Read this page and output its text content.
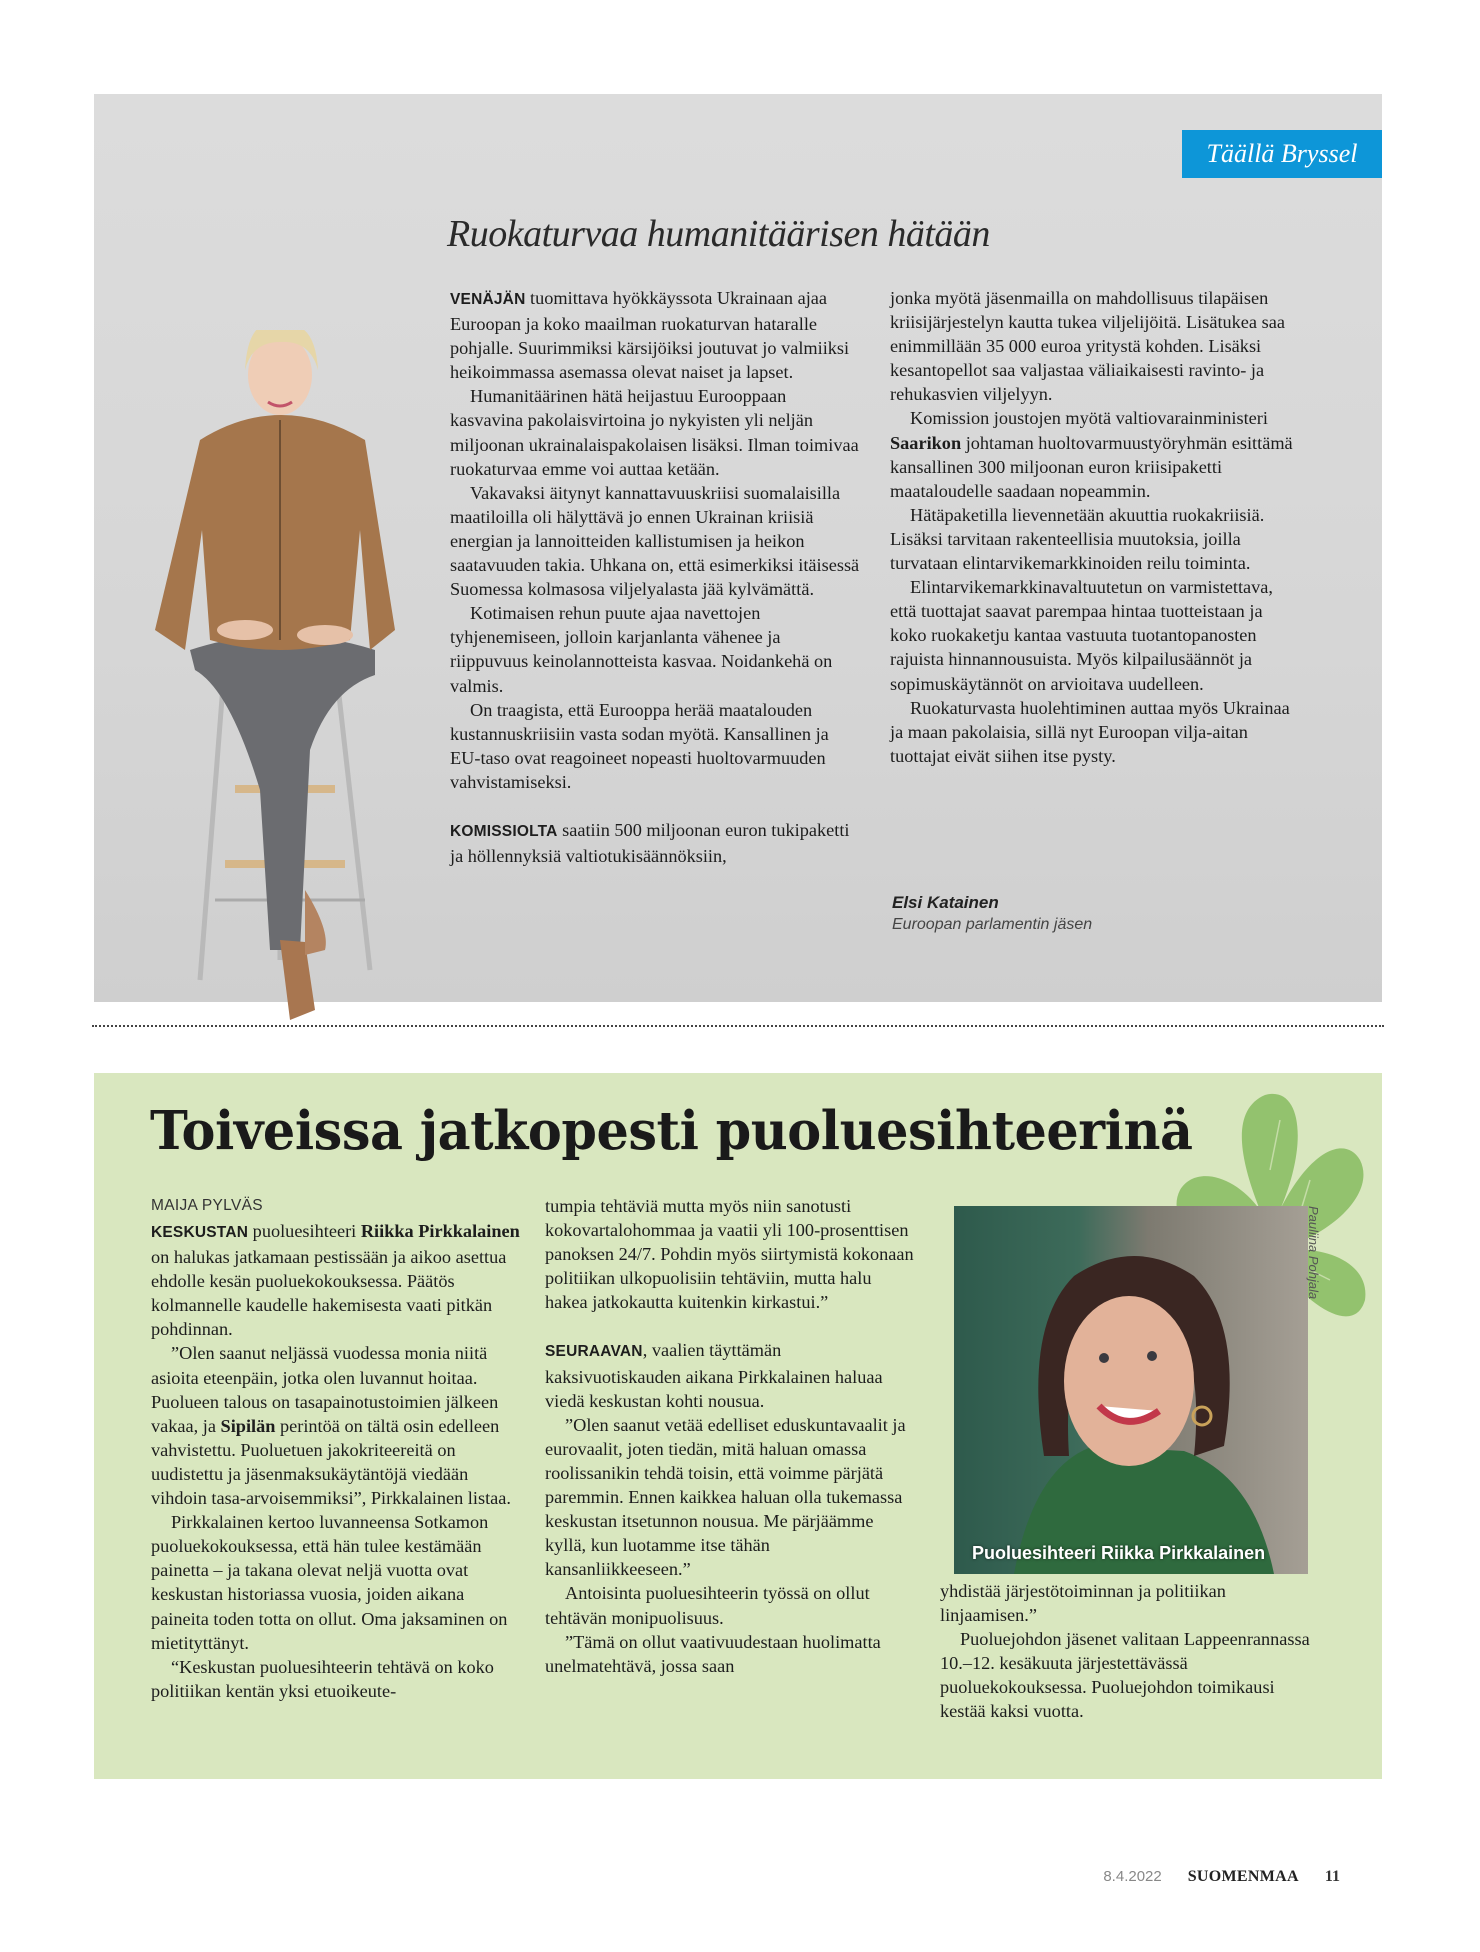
Täällä Bryssel
Ruokaturvaa humanitäärisen hätään

VENÄJÄN tuomittava hyökkäyssota Ukrainaan ajaa Euroopan ja koko maailman ruokaturvan hataralle pohjalle. Suurimmiksi kärsijöiksi joutuvat jo valmiiksi heikoimmassa asemassa olevat naiset ja lapset.

Humanitäärinen hätä heijastuu Eurooppaan kasvavina pakolaisvirtoina jo nykyisten yli neljän miljoonan ukrainalaispakolaisen lisäksi. Ilman toimivaa ruokaturvaa emme voi auttaa ketään.

Vakavaksi äitynyt kannattavuuskriisi suomalaisilla maatiloilla oli hälyttävä jo ennen Ukrainan kriisiä energian ja lannoitteiden kallistumisen ja heikon saatavuuden takia. Uhkana on, että esimerkiksi itäisessä Suomessa kolmasosa viljelyalasta jää kylvämättä.

Kotimaisen rehun puute ajaa navettojen tyhjenemiseen, jolloin karjanlanta vähenee ja riippuvuus keinolannotteista kasvaa. Noidankehä on valmis.

On traagista, että Eurooppa herää maatalouden kustannuskriisiin vasta sodan myötä. Kansallinen ja EU-taso ovat reagoineet nopeasti huoltovarmuuden vahvistamiseksi.

KOMISSIOLTA saatiin 500 miljoonan euron tukipaketti ja höllennyksiä valtiotukisäännöksiin,

jonka myötä jäsenmailla on mahdollisuus tilapäisen kriisijärjestelyn kautta tukea viljelijöitä. Lisätukea saa enimmillään 35 000 euroa yritystä kohden. Lisäksi kesantopellot saa valjastaa väliaikaisesti ravinto- ja rehukasvien viljelyyn.

Komission joustojen myötä valtiovarainministeri Saarikon johtaman huoltovarmuustyöryhmän esittämä kansallinen 300 miljoonan euron kriisipaketti maataloudelle saadaan nopeammin.

Hätäpaketilla lievennetään akuuttia ruokakriisiä. Lisäksi tarvitaan rakenteellisia muutoksia, joilla turvataan elintarvikemarkkinoiden reilu toiminta.

Elintarvikemarkkinavaltuutetun on varmistettava, että tuottajat saavat parempaa hintaa tuotteistaan ja koko ruokaketju kantaa vastuuta tuotantopanosten rajuista hinnannousuista. Myös kilpailusäännöt ja sopimuskäytännöt on arvioitava uudelleen.

Ruokaturvasta huolehtiminen auttaa myös Ukrainaa ja maan pakolaisia, sillä nyt Euroopan vilja-aitan tuottajat eivät siihen itse pysty.

Elsi Katainen
Euroopan parlamentin jäsen
Toiveissa jatkopesti puoluesihteerinä
MAIJA PYLVÄS

KESKUSTAN puoluesihteeri Riikka Pirkkalainen on halukas jatkamaan pestissään ja aikoo asettua ehdolle kesän puoluekokouksessa. Päätös kolmannelle kaudelle hakemisesta vaati pitkän pohdinnan.

”Olen saanut neljässä vuodessa monia niitä asioita eteenpäin, jotka olen luvannut hoitaa. Puolueen talous on tasapainotustoimien jälkeen vakaa, ja Sipilän perintöä on tältä osin edelleen vahvistettu. Puoluetuen jakokriteereitä on uudistettu ja jäsenmaksukäytäntöjä viedään vihdoin tasa-arvoisemmiksi”, Pirkkalainen listaa.

Pirkkalainen kertoo luvanneensa Sotkamon puoluekokouksessa, että hän tulee kestämään painetta – ja takana olevat neljä vuotta ovat keskustan historiassa vuosia, joiden aikana paineita toden totta on ollut. Oma jaksaminen on mietityttänyt.

“Keskustan puoluesihteerin tehtävä on koko politiikan kentän yksi etuoikeute-

tumpia tehtäviä mutta myös niin sanotusti kokovartalohommaa ja vaatii yli 100-prosenttisen panoksen 24/7. Pohdin myös siirtymistä kokonaan politiikan ulkopuolisiin tehtäviin, mutta halu hakea jatkokautta kuitenkin kirkastui.”

SEURAAVAN, vaalien täyttämän kaksivuotiskauden aikana Pirkkalainen haluaa viedä keskustan kohti nousua.

”Olen saanut vetää edelliset eduskuntavaalit ja eurovaalit, joten tiedän, mitä haluan omassa roolissanikin tehdä toisin, että voimme pärjätä paremmin. Ennen kaikkea haluan olla tukemassa keskustan itsetunnon nousua. Me pärjäämme kyllä, kun luotamme itse tähän kansanliikkeeseen.”

Antoisinta puoluesihteerin työssä on ollut tehtävän monipuolisuus.

”Tämä on ollut vaativuudestaan huolimatta unelmatehtävä, jossa saan

Puoluesihteeri Riikka Pirkkalainen
Pauliina Pohjala

yhdistää järjestötoiminnan ja politiikan linjaamisen.”

Puoluejohdon jäsenet valitaan Lappeenrannassa 10.–12. kesäkuuta järjestettävässä puoluekokouksessa. Puoluejohdon toimikausi kestää kaksi vuotta.

8.4.2022 SUOMENMAA 11
